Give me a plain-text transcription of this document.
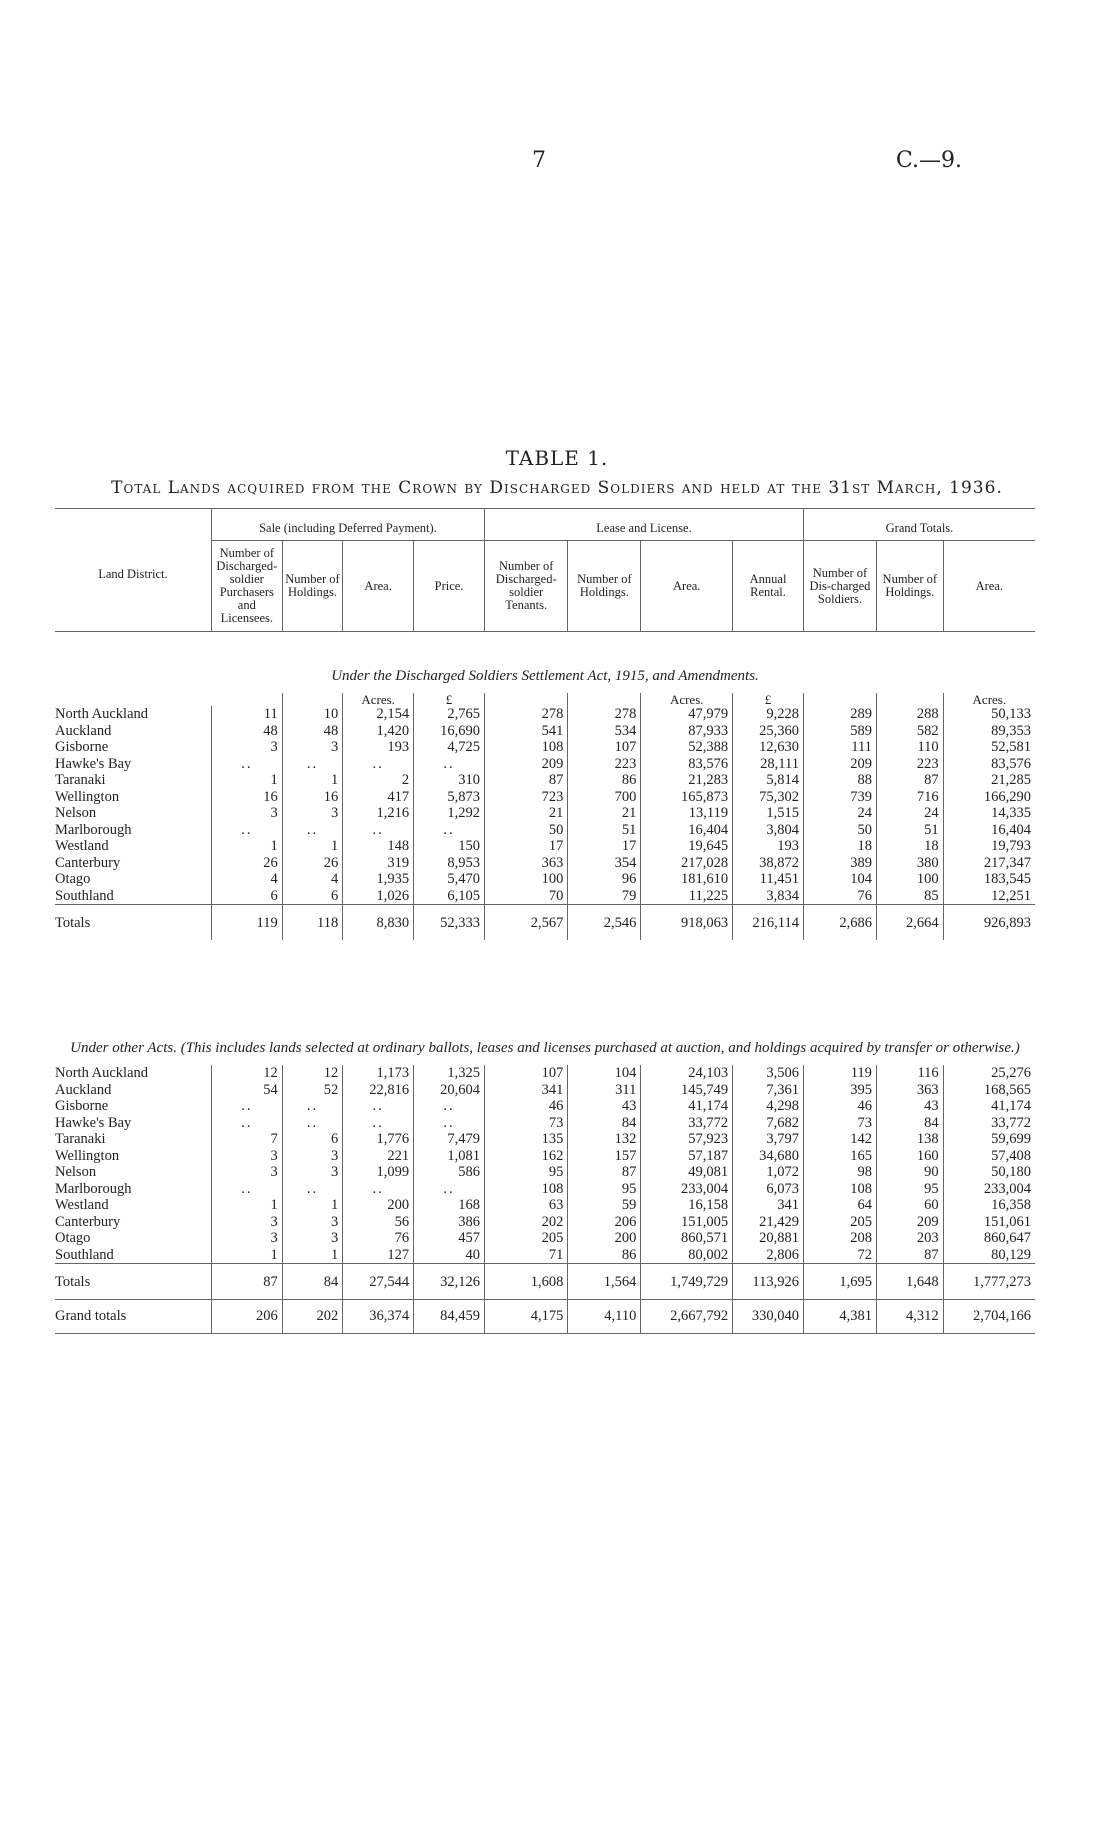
7	C.—9.
TABLE 1.
Total Lands acquired from the Crown by Discharged Soldiers and held at the 31st March, 1936.
Land District.	Sale (including Deferred Payment).				Lease and License.				Grand Totals.		
	Number of Discharged-soldier Purchasers and Licensees.	Number of Holdings.	Area.	Price.	Number of Discharged-soldier Tenants.	Number of Holdings.	Area.	Annual Rental.	Number of Dis-charged Soldiers.	Number of Holdings.	Area.
Under the Discharged Soldiers Settlement Act, 1915, and Amendments.											
			Acres.	£			Acres.	£			Acres.
North Auckland	11	10	2,154	2,765	278	278	47,979	9,228	289	288	50,133
Auckland	48	48	1,420	16,690	541	534	87,933	25,360	589	582	89,353
Gisborne	3	3	193	4,725	108	107	52,388	12,630	111	110	52,581
Hawke's Bay	..	..	..	..	209	223	83,576	28,111	209	223	83,576
Taranaki	1	1	2	310	87	86	21,283	5,814	88	87	21,285
Wellington	16	16	417	5,873	723	700	165,873	75,302	739	716	166,290
Nelson	3	3	1,216	1,292	21	21	13,119	1,515	24	24	14,335
Marlborough	..	..	..	..	50	51	16,404	3,804	50	51	16,404
Westland	1	1	148	150	17	17	19,645	193	18	18	19,793
Canterbury	26	26	319	8,953	363	354	217,028	38,872	389	380	217,347
Otago	4	4	1,935	5,470	100	96	181,610	11,451	104	100	183,545
Southland	6	6	1,026	6,105	70	79	11,225	3,834	76	85	12,251
Totals	119	118	8,830	52,333	2,567	2,546	918,063	216,114	2,686	2,664	926,893
Under other Acts. (This includes lands selected at ordinary ballots, leases and licenses purchased at auction, and holdings acquired by transfer or otherwise.)											
North Auckland	12	12	1,173	1,325	107	104	24,103	3,506	119	116	25,276
Auckland	54	52	22,816	20,604	341	311	145,749	7,361	395	363	168,565
Gisborne	..	..	..	..	46	43	41,174	4,298	46	43	41,174
Hawke's Bay	..	..	..	..	73	84	33,772	7,682	73	84	33,772
Taranaki	7	6	1,776	7,479	135	132	57,923	3,797	142	138	59,699
Wellington	3	3	221	1,081	162	157	57,187	34,680	165	160	57,408
Nelson	3	3	1,099	586	95	87	49,081	1,072	98	90	50,180
Marlborough	..	..	..	..	108	95	233,004	6,073	108	95	233,004
Westland	1	1	200	168	63	59	16,158	341	64	60	16,358
Canterbury	3	3	56	386	202	206	151,005	21,429	205	209	151,061
Otago	3	3	76	457	205	200	860,571	20,881	208	203	860,647
Southland	1	1	127	40	71	86	80,002	2,806	72	87	80,129
Totals	87	84	27,544	32,126	1,608	1,564	1,749,729	113,926	1,695	1,648	1,777,273
Grand totals	206	202	36,374	84,459	4,175	4,110	2,667,792	330,040	4,381	4,312	2,704,166
